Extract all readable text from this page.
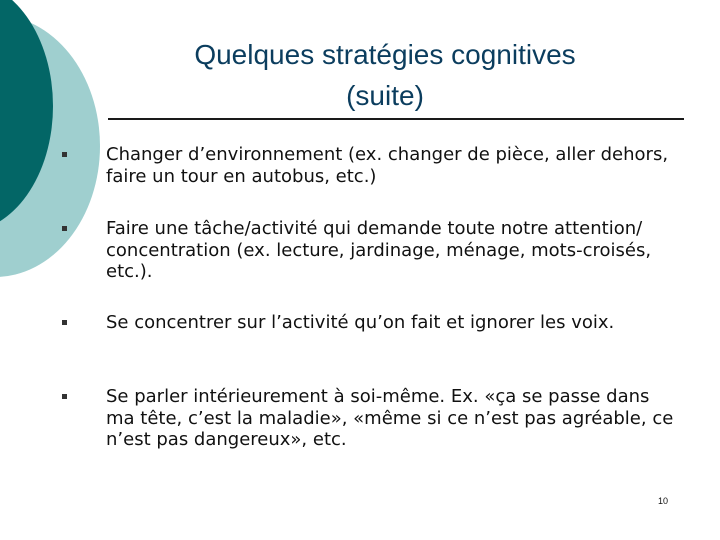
Quelques stratégies cognitives
(suite)
Changer d’environnement (ex. changer de pièce, aller dehors, faire un tour en autobus, etc.)
Faire une tâche/activité qui demande toute notre attention/ concentration (ex. lecture, jardinage, ménage, mots-croisés, etc.).
Se concentrer sur l’activité qu’on fait et ignorer les voix.
Se parler intérieurement à soi-même. Ex. «ça se passe dans ma tête, c’est la maladie», «même si ce n’est pas agréable, ce n’est pas dangereux», etc.
10
